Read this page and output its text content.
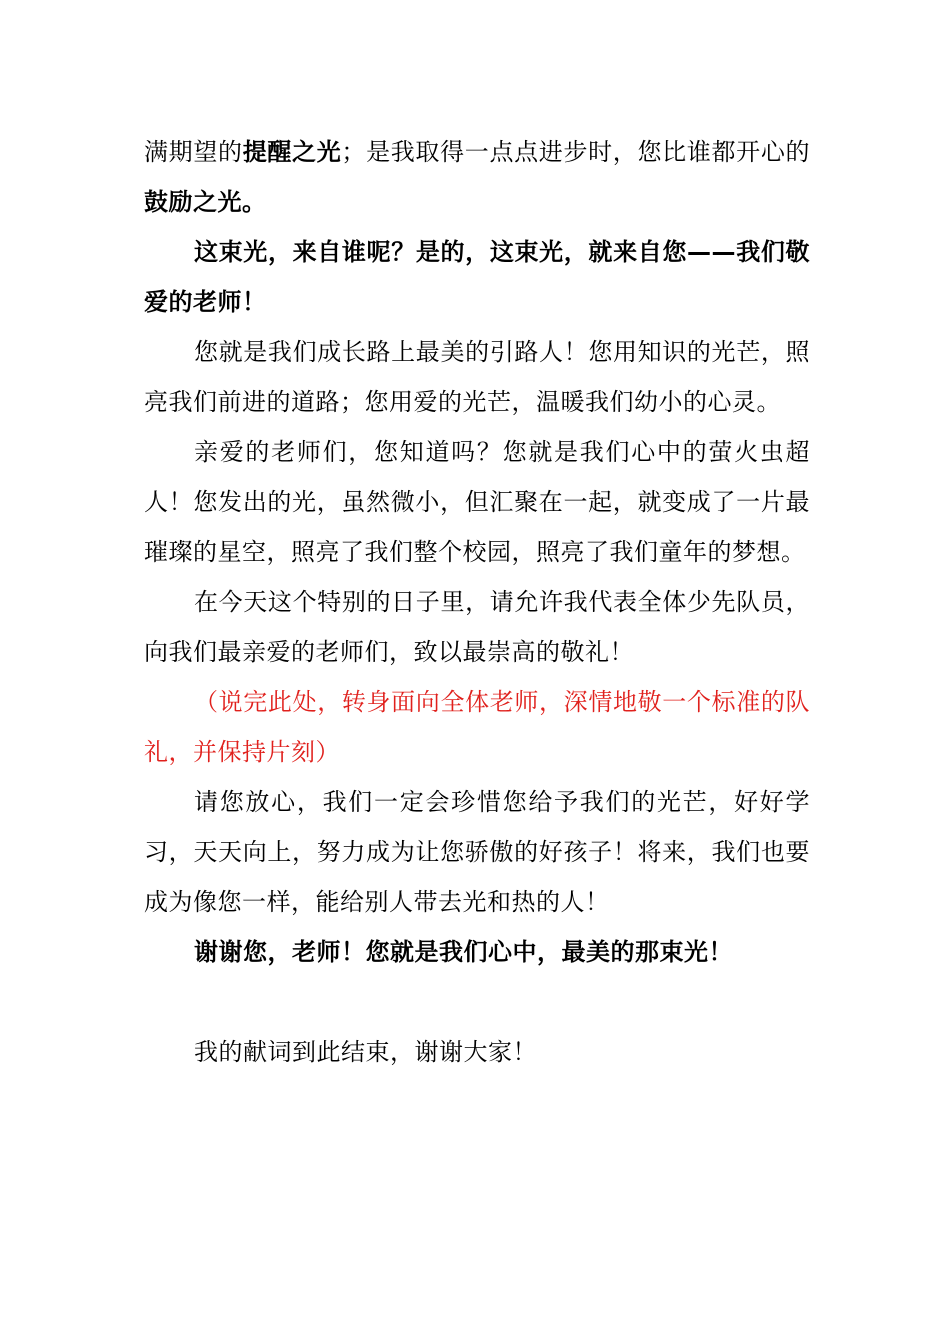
满期望的提醒之光；是我取得一点点进步时，您比谁都开心的鼓励之光。

这束光，来自谁呢？是的，这束光，就来自您——我们敬爱的老师！

您就是我们成长路上最美的引路人！您用知识的光芒，照亮我们前进的道路；您用爱的光芒，温暖我们幼小的心灵。

亲爱的老师们，您知道吗？您就是我们心中的萤火虫超人！您发出的光，虽然微小，但汇聚在一起，就变成了一片最璀璨的星空，照亮了我们整个校园，照亮了我们童年的梦想。

在今天这个特别的日子里，请允许我代表全体少先队员，向我们最亲爱的老师们，致以最崇高的敬礼！

（说完此处，转身面向全体老师，深情地敬一个标准的队礼，并保持片刻）

请您放心，我们一定会珍惜您给予我们的光芒，好好学习，天天向上，努力成为让您骄傲的好孩子！将来，我们也要成为像您一样，能给别人带去光和热的人！

谢谢您，老师！您就是我们心中，最美的那束光！

我的献词到此结束，谢谢大家！
